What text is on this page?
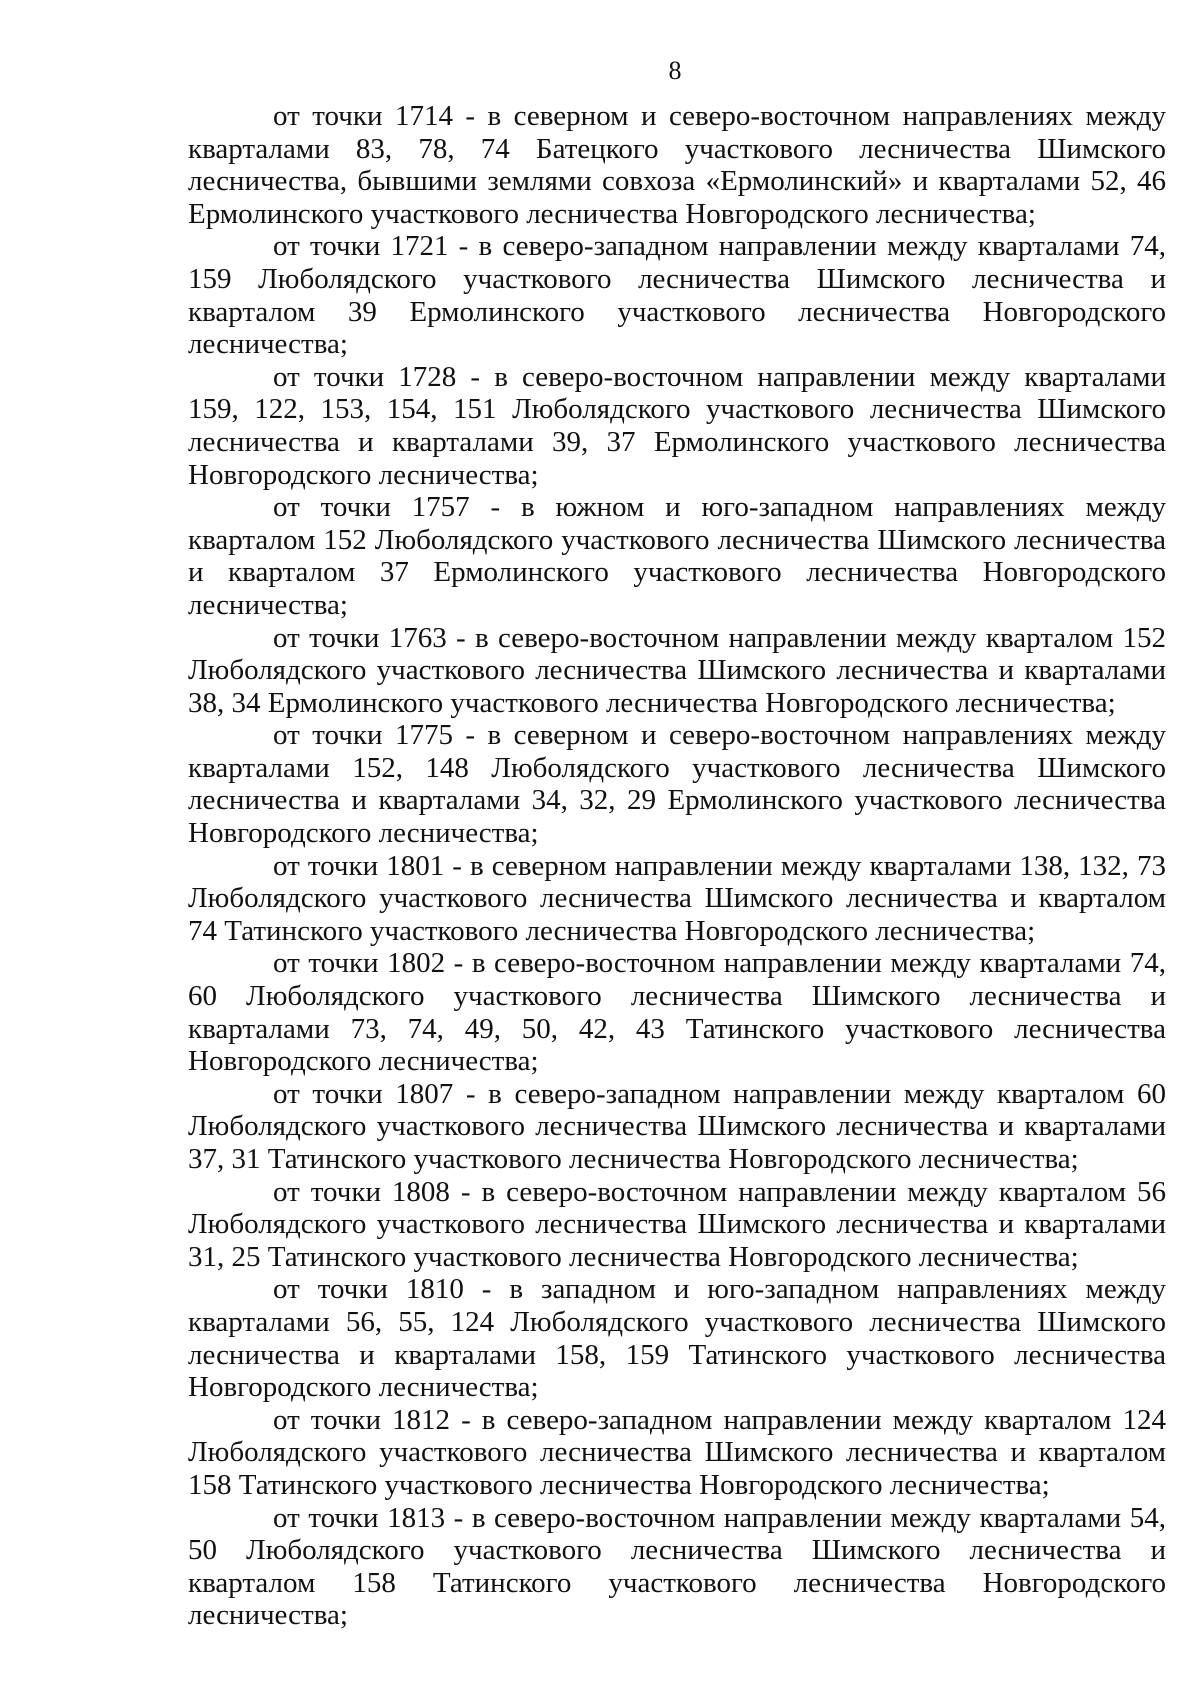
8

от точки 1714 - в северном и северо-восточном направлениях между кварталами 83, 78, 74 Батецкого участкового лесничества Шимского лесничества, бывшими землями совхоза «Ермолинский» и кварталами 52, 46 Ермолинского участкового лесничества Новгородского лесничества;

от точки 1721 - в северо-западном направлении между кварталами 74, 159 Люболядского участкового лесничества Шимского лесничества и кварталом 39 Ермолинского участкового лесничества Новгородского лесничества;

от точки 1728 - в северо-восточном направлении между кварталами 159, 122, 153, 154, 151 Люболядского участкового лесничества Шимского лесничества и кварталами 39, 37 Ермолинского участкового лесничества Новгородского лесничества;

от точки 1757 - в южном и юго-западном направлениях между кварталом 152 Люболядского участкового лесничества Шимского лесничества и кварталом 37 Ермолинского участкового лесничества Новгородского лесничества;

от точки 1763 - в северо-восточном направлении между кварталом 152 Люболядского участкового лесничества Шимского лесничества и кварталами 38, 34 Ермолинского участкового лесничества Новгородского лесничества;

от точки 1775 - в северном и северо-восточном направлениях между кварталами 152, 148 Люболядского участкового лесничества Шимского лесничества и кварталами 34, 32, 29 Ермолинского участкового лесничества Новгородского лесничества;

от точки 1801 - в северном направлении между кварталами 138, 132, 73 Люболядского участкового лесничества Шимского лесничества и кварталом 74 Татинского участкового лесничества Новгородского лесничества;

от точки 1802 - в северо-восточном направлении между кварталами 74, 60 Люболядского участкового лесничества Шимского лесничества и кварталами 73, 74, 49, 50, 42, 43 Татинского участкового лесничества Новгородского лесничества;

от точки 1807 - в северо-западном направлении между кварталом 60 Люболядского участкового лесничества Шимского лесничества и кварталами 37, 31 Татинского участкового лесничества Новгородского лесничества;

от точки 1808 - в северо-восточном направлении между кварталом 56 Люболядского участкового лесничества Шимского лесничества и кварталами 31, 25 Татинского участкового лесничества Новгородского лесничества;

от точки 1810 - в западном и юго-западном направлениях между кварталами 56, 55, 124 Люболядского участкового лесничества Шимского лесничества и кварталами 158, 159 Татинского участкового лесничества Новгородского лесничества;

от точки 1812 - в северо-западном направлении между кварталом 124 Люболядского участкового лесничества Шимского лесничества и кварталом 158 Татинского участкового лесничества Новгородского лесничества;

от точки 1813 - в северо-восточном направлении между кварталами 54, 50 Люболядского участкового лесничества Шимского лесничества и кварталом 158 Татинского участкового лесничества Новгородского лесничества;
